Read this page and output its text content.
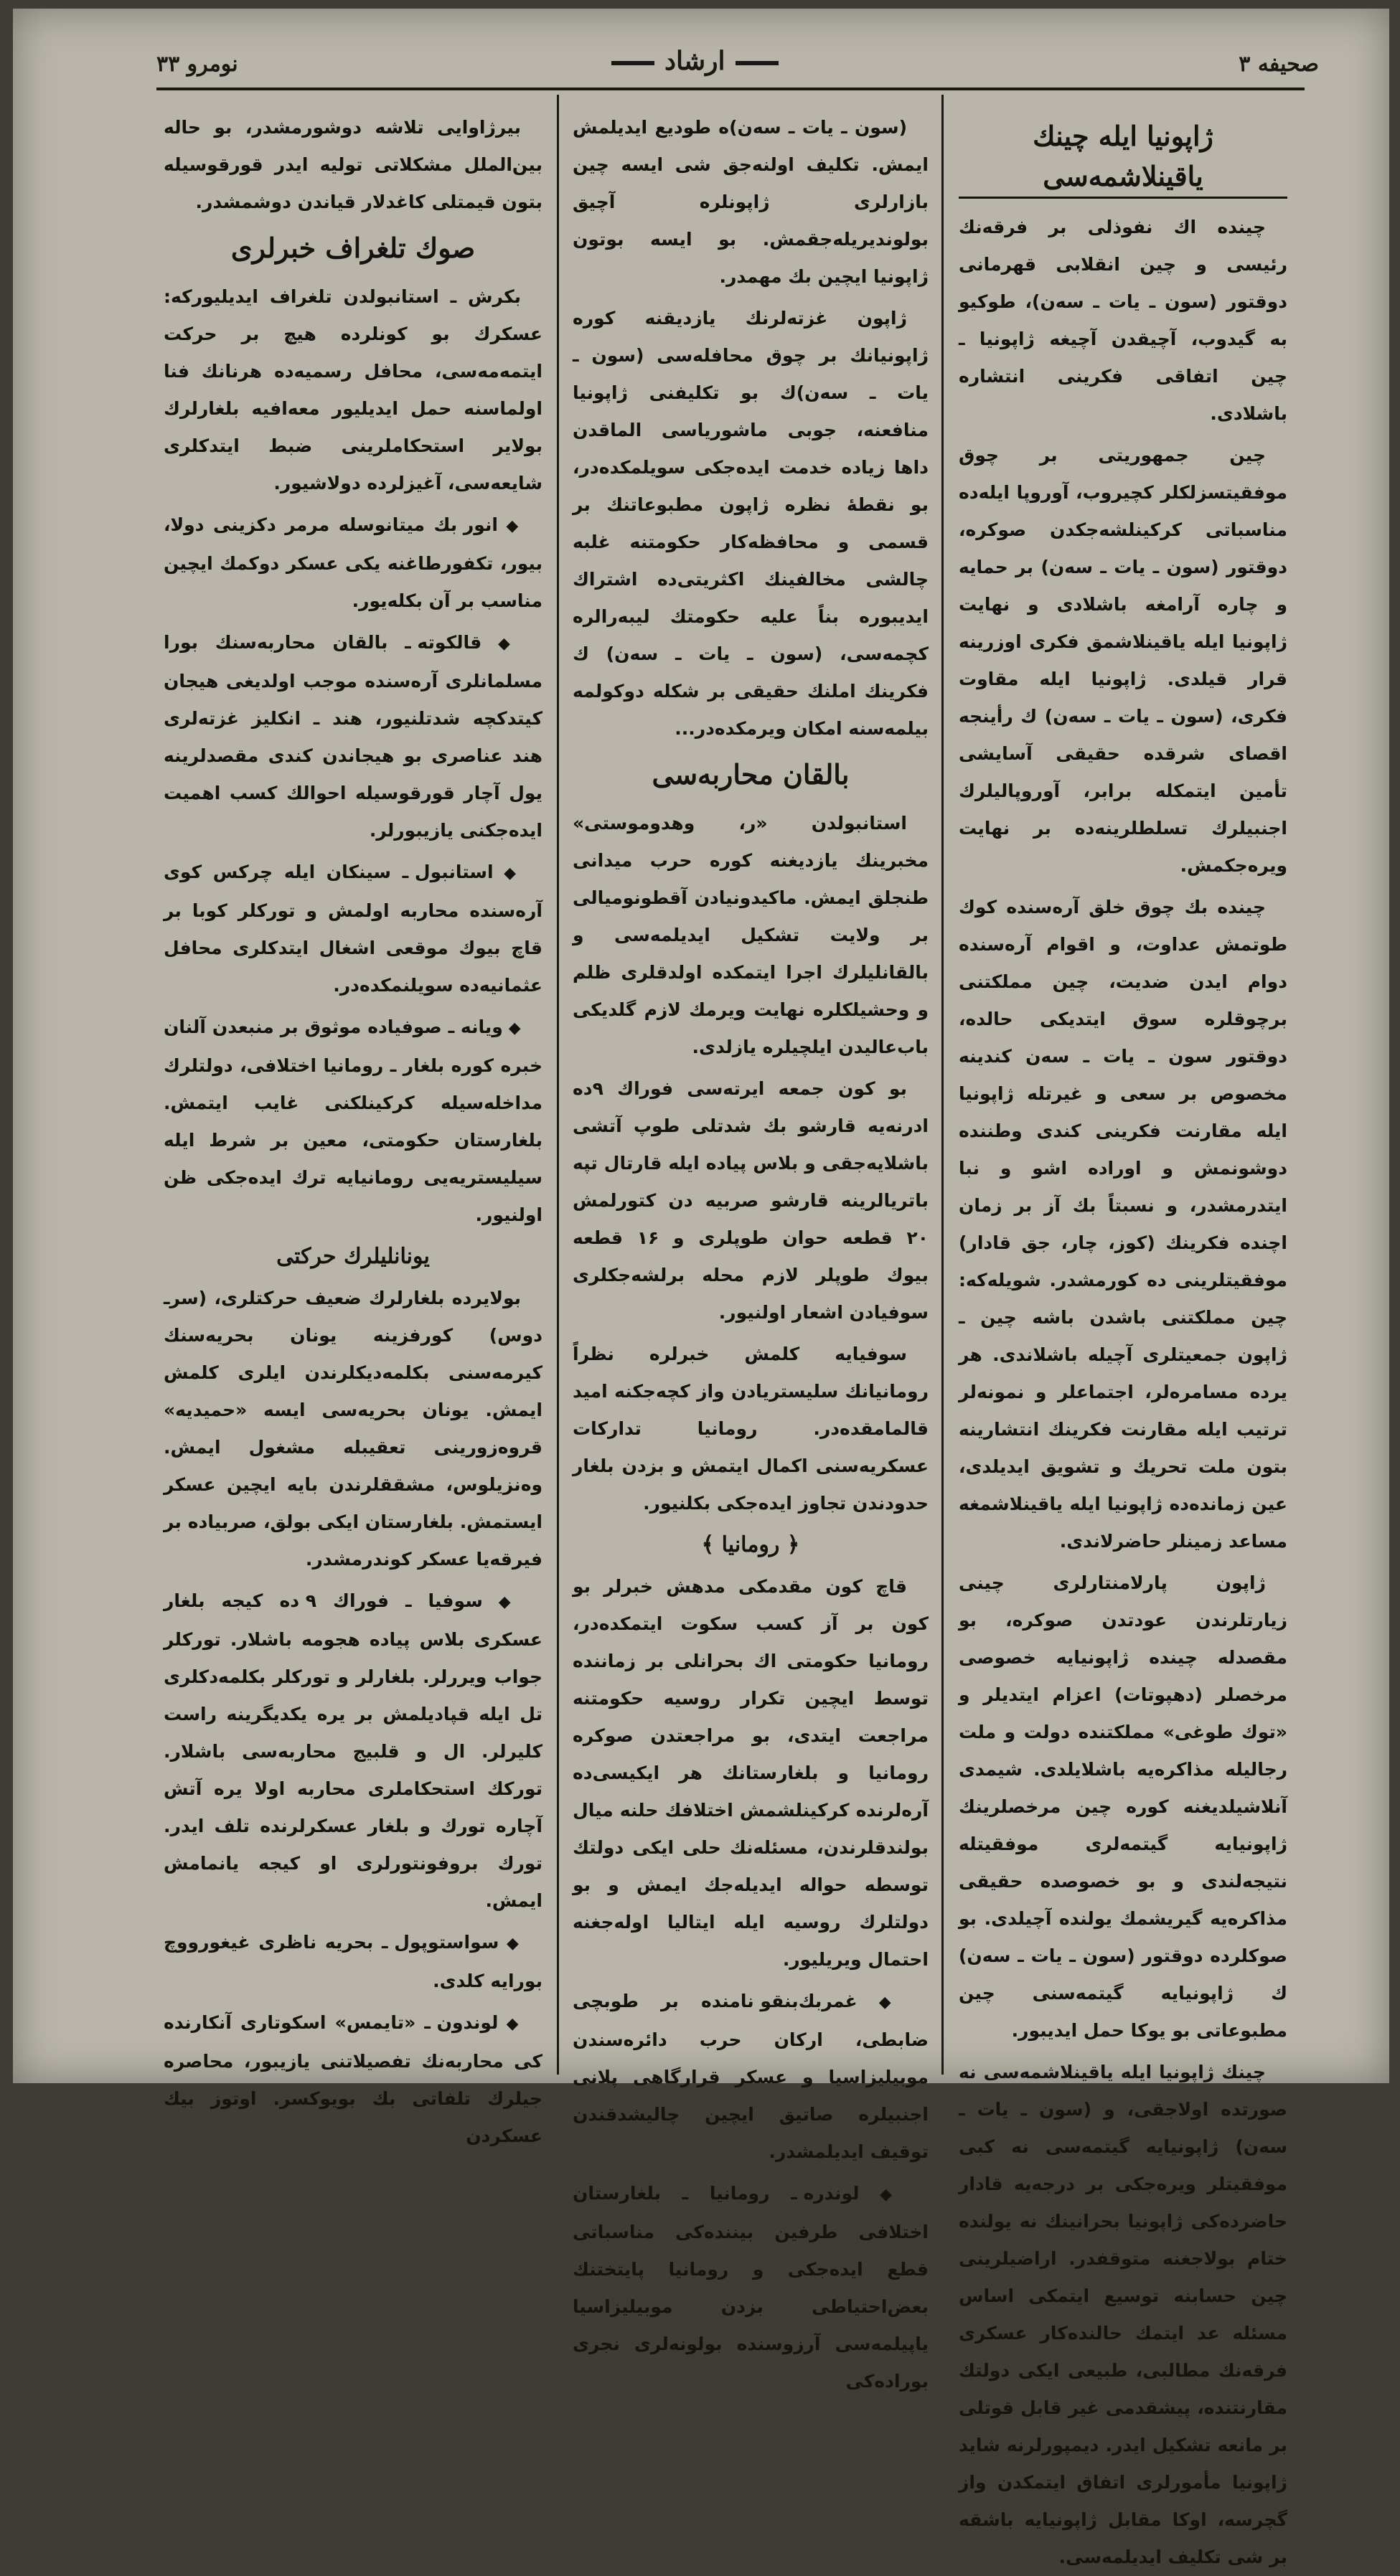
صحیفه ۳
ارشاد
نومرو ۳۳
ژاپونیا ایله چینك یاقینلاشمه‌سی

چینده اك نفوذلی بر فرقه‌نك رئیسی و چین انقلابی قهرمانی دوقتور (سون ـ یات ـ سه‌ن)، طوكیو به گیدوب، آچیقدن آچیغه ژاپونیا ـ چین اتفاقی فكرینی انتشاره باشلادی.

چین جمهوریتی بر چوق موفقیتسزلكلر كچیروب، آوروپا ایله‌ده مناسباتی كركینلشه‌جكدن صوكره، دوقتور (سون ـ یات ـ سه‌ن) بر حمایه و چاره آرامغه باشلادی و نهایت ژاپونیا ایله یاقینلاشمق فكری اوزرینه قرار قیلدی. ژاپونیا ایله مقاوت فكری، (سون ـ یات ـ سه‌ن) ك رأینجه اقصای شرقده حقیقی آسایشی تأمین ایتمكله برابر، آوروپالیلرك اجنبیلرك تسلطلرینه‌ده بر نهایت ویره‌جكمش.

چینده بك چوق خلق آره‌سنده كوك طوتمش عداوت، و اقوام آره‌سنده دوام ایدن ضدیت، چین مملكتنی بر‌چوقلره سوق ایتدیكی حالده، دوقتور سون ـ یات ـ سه‌ن كندینه مخصوص بر سعی و غیرتله ژاپونیا ایله مقارنت فكرینی كندی وطننده دوشونمش و اوراده اشو و نبا ایتدرمشدر، و نسبتاً بك آز بر زمان اچنده فكرینك (كوز، چار، جق قادار) موفقیتلرینی ده كورمشدر. شویله‌كه: چین مملكتنی باشدن باشه چین ـ ژاپون جمعیتلری آچیله باشلاندی. هر یرده مسامره‌لر، اجتماعلر و نمونه‌لر ترتیب ایله مقارنت فكرینك انتشارینه بتون ملت تحریك و تشویق ایدیلدی، عین زمانده‌ده ژاپونیا ایله یاقینلاشمغه مساعد زمینلر حاضرلاندی.

ژاپون پارلامنتارلری چینی زیارتلرندن عودتدن صوكره، بو مقصدله چینده ژاپونیایه خصوصی مرخصلر (دهپوتات) اعزام ایتدیلر و «توك طوغی» مملكتنده دولت و ملت رجالیله مذاكره‌یه باشلایلدی. شیمدی آنلاشیلدیغنه كوره چین مرخصلرینك ژاپونیایه گیتمه‌لری موفقیتله نتیجه‌لندی و بو خصوصده حقیقی مذاكره‌یه گیریشمك یولنده آچیلدی. بو صوكلرده دوقتور (سون ـ یات ـ سه‌ن) ك ژاپونیایه گیتمه‌سنی چین مطبوعاتی بو یوكا حمل ایدیبور.

چینك ژاپونیا ایله یاقینلاشمه‌سی نه صورتده اولاجقی، و (سون ـ یات ـ سه‌ن) ژاپونیایه گیتمه‌سی نه كبی موفقیتلر ویره‌جكی بر درجه‌یه قادار حاضرده‌كی ژاپونیا بحرانینك نه یولنده ختام بولاجغنه متوقفدر. اراضیلرینی چین حسابنه توسیع ایتمكی اساس مسئله عد ایتمك حالنده‌كار عسكری فرقه‌نك مطالبی، طبیعی ایكی دولتك مقارنتنده، پیشقدمی غیر قابل قوتلی بر مانعه تشكیل ایدر. دیمپورلرنه شاید ژاپونیا مأمورلری اتفاق ایتمكدن واز گچرسه، اوكا مقابل ژاپونیایه باشقه بر شی تكلیف ایدیلمه‌سی.

(سون ـ یات ـ سه‌ن)ه طودیع ایدیلمش ایمش. تكلیف اولنه‌جق شی ایسه چین بازارلری ژاپونلره آچیق بولوندیریله‌جقمش. بو ایسه بوتون ژاپونیا ایچین بك مهمدر.

ژاپون غزته‌لرنك یازدیقنه كوره ژاپونیانك بر چوق محافله‌سی (سون ـ یات ـ سه‌ن)ك بو تكلیفنی ژاپونیا منافعنه، جوبی ماشوریاسی الماقدن داها زیاده خدمت ایده‌جكی سویلمكده‌در، بو نقطهٔ نظره ژاپون مطبوعاتنك بر قسمی و محافظه‌كار حكومتنه غلبه چالشی مخالفینك اكثریتی‌ده اشتراك ایدیبوره بناً علیه حكومتك لیبه‌رالره كچمه‌سی، (سون ـ یات ـ سه‌ن) ك فكرینك املنك حقیقی بر شكله دوكولمه بیلمه‌سنه امكان ویرمكده‌در...

بالقان محاربه‌سی

استانبولدن «ر، وهدوموستی» مخبرینك یازدیغنه كوره حرب میدانی طنجلق ایمش. ماكیدونیادن آقطونومیالی بر ولایت تشكیل ایدیلمه‌سی و بالقانلیلرك اجرا ایتمكده اولدقلری ظلم و وحشیلكلره نهایت ویرمك لازم گلدیكی باب‌عالیدن ایلچیلره یازلدی.

بو كون جمعه ایرته‌سی فوراك ۹ده ادرنه‌یه قارشو بك شدتلی طوپ آتشی باشلایه‌جقی و بلاس پیاده ایله قارتال تپه باتریالرینه قارشو صربیه دن كتورلمش ۲۰ قطعه حوان طوپلری و ۱۶ قطعه بیوك طوپلر لازم محله برلشه‌جكلری سوفیادن اشعار اولنیور.

سوفیایه كلمش خبرلره نظراً رومانیانك سلیستریادن واز كچه‌جكنه امید قالمامقده‌در. رومانیا تداركات عسكریه‌سنی اكمال ایتمش و بزدن بلغار حدودندن تجاوز ایده‌جكی بكلنیور.

﴿ رومانیا ﴾

قاچ كون مقدمكی مدهش خبرلر بو كون بر آز كسب سكوت ایتمكده‌در، رومانیا حكومتی اك بحرانلی بر زماننده توسط ایچین تكرار روسیه حكومتنه مراجعت ایتدی، بو مراجعتدن صوكره رومانیا و بلغارستانك هر ایكیسی‌ده آره‌لرنده كركینلشمش اختلافك حلنه میال بولندقلرندن، مسئله‌نك حلی ایكی دولتك توسطه حواله ایدیله‌جك ایمش و بو دولتلرك روسیه ایله ایتالیا اوله‌جغنه احتمال ویریلیور.

◆ غمربك‌بنقو نامنده بر طوبچی ضابطی، اركان حرب دائره‌سندن موبیلیزاسیا و عسكر قرارگاهی پلانی اجنبیلره صاتیق ایچین چالیشدقندن توقیف ایدیلمشدر.

◆ لوندره ـ رومانیا ـ بلغارستان اختلافی طرفین بیننده‌كی مناسباتی قطع ایده‌جكی و رومانیا پایتختنك بعض‌احتیاطی بزدن موبیلیزاسیا یاپیلمه‌سی آرزوسنده بولونه‌لری نجری بوراده‌كی

بیرژاوایی تلاشه دوشورمشدر، بو حاله بین‌الملل مشكلاتی تولیه ایدر قورقوسیله بتون قیمتلی كاغدلار قیاندن دوشمشدر.

صوك تلغراف خبرلری

بكرش ـ استانبولدن تلغراف ایدیلیوركه: عسكرك بو كونلرده هیچ بر حركت‌ ایتمه‌مه‌سی، محافل رسمیه‌ده هرنانك فنا اولماسنه حمل ایدیلیور معه‌افیه بلغارلرك بولایر استحكاملرینی ضبط ایتدكلری شایعه‌سی، آغیزلرده دولاشیور.

◆ انور بك میتانوسله مرمر دكزینی دولا، بیور، تكفورطاغنه یكی عسكر دوكمك ایچین مناسب بر آن بكله‌یور.

◆ قالكوته ـ بالقان محاربه‌سنك بورا مسلمانلری آره‌سنده موجب اولدیغی هیجان كیتدكچه شدتلنیور، هند ـ انكلیز غزته‌لری هند عناصری بو هیجاندن كندی مقصدلرینه یول آچار قورقوسیله احوالك كسب اهمیت ایده‌جكنی یازیبورلر.

◆ استانبول ـ سینكان ایله چركس كوی آره‌سنده محاربه اولمش و توركلر كوبا بر قاچ بیوك موقعی اشغال ایتدكلری محافل عثمانیه‌ده سویلنمكده‌در.

◆ ویانه ـ صوفیاده موثوق بر منبعدن آلنان خبره كوره بلغار ـ رومانیا اختلافی، دولتلرك مداخله‌سیله كركینلكنی غایب ایتمش. بلغارستان حكومتی، معین بر شرط ایله سیلیستریه‌یی رومانیایه ترك ایده‌جكی ظن اولنیور.

یونانلیلرك حركتی

بولایرده بلغارلرك ضعیف حركتلری، (سرـ دوس) كورفزینه یونان بحریه‌سنك كیرمه‌سنی بكلمه‌دیكلرندن ایلری كلمش ایمش. یونان بحریه‌سی ایسه «حمیدیه» قروه‌زورینی تعقیبله مشغول ایمش. وه‌نزیلوس، مشققلرندن بایه ایچین عسكر ایستمش. بلغارستان ایكی بولق، صربیاده بر فیرقه‌یا عسكر كوندرمشدر.

◆ سوفیا ـ فوراك ۹ ده كیجه بلغار عسكری بلاس پیاده هجومه باشلار. توركلر جواب ویررلر. بلغارلر و توركلر بكلمه‌دكلری تل ایله قپادیلمش بر یره یكدیگرینه راست كلیرلر. ال و قلبیج محاربه‌سی باشلار. توركك استحكاملری محاربه اولا یره آتش آچاره تورك و بلغار عسكرلرنده تلف ایدر. تورك بروفونتورلری او كیجه یانمامش ایمش.

◆ سواستوپول ـ بحریه ناظری غیغورووچ بورایه كلدی.

◆ لوندون ـ «تایمس» اسكوتاری آنكارنده كی محاربه‌نك تفصیلاتنی یازیبور، محاصره جیلرك تلفاتی بك بویوكسر. اوتوز بیك عسكردن
